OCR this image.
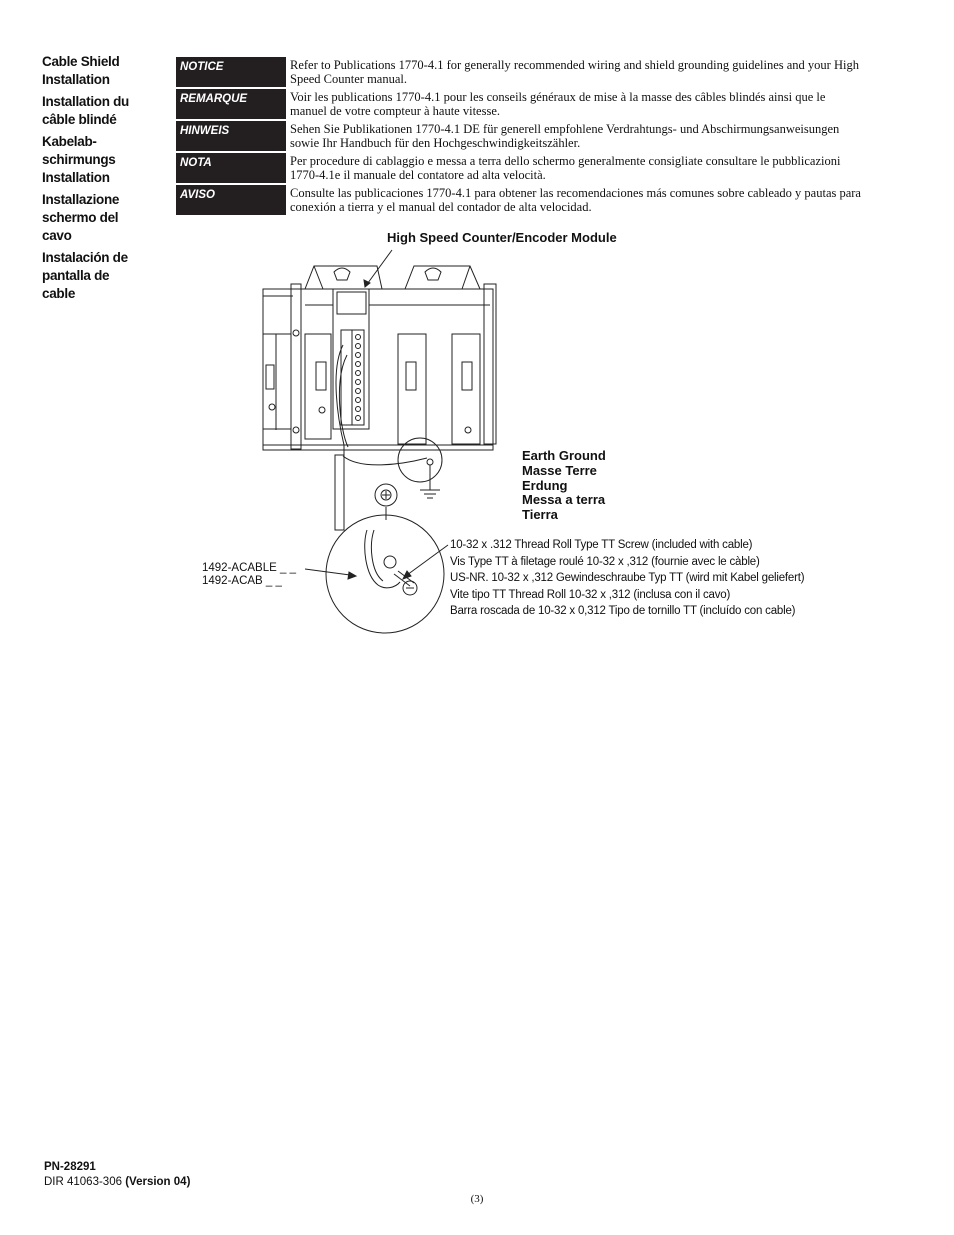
Cable Shield
Installation
Installation du
câble blindé
Kabelab-
schirmungs
Installation
Installazione
schermo del
cavo
Instalación de
pantalla de
cable
NOTICE	Refer to Publications 1770-4.1 for generally recommended wiring and shield grounding guidelines and your High
Speed Counter manual.
REMARQUE	Voir les publications 1770-4.1 pour les conseils généraux de mise à la masse des câbles blindés ainsi que le
manuel de votre compteur à haute vitesse.
HINWEIS	Sehen Sie Publikationen 1770-4.1 DE für generell empfohlene Verdrahtungs- und Abschirmungsanweisungen
sowie Ihr Handbuch für den Hochgeschwindigkeitszähler.
NOTA	Per procedure di cablaggio e messa a terra dello schermo generalmente consigliate consultare le pubblicazioni
1770-4.1e il manuale del contatore ad alta velocità.
AVISO	Consulte las publicaciones 1770-4.1 para obtener las recomendaciones más comunes sobre cableado y pautas para
conexión a tierra y el manual del contador de alta velocidad.
High Speed Counter/Encoder Module
Earth Ground
Masse Terre
Erdung
Messa a terra
Tierra
1492-ACABLE _ _
1492-ACAB _ _
10-32 x .312 Thread Roll Type TT Screw (included with cable)
Vis Type TT à filetage roulé 10-32 x ,312 (fournie avec le càble)
US-NR. 10-32 x ,312 Gewindeschraube Typ TT (wird mit Kabel geliefert)
Vite tipo TT Thread Roll 10-32 x ,312 (inclusa con il cavo)
Barra roscada de 10-32 x 0,312 Tipo de tornillo TT (incluído con cable)
PN-28291
DIR 41063-306 (Version 04)
(3)
